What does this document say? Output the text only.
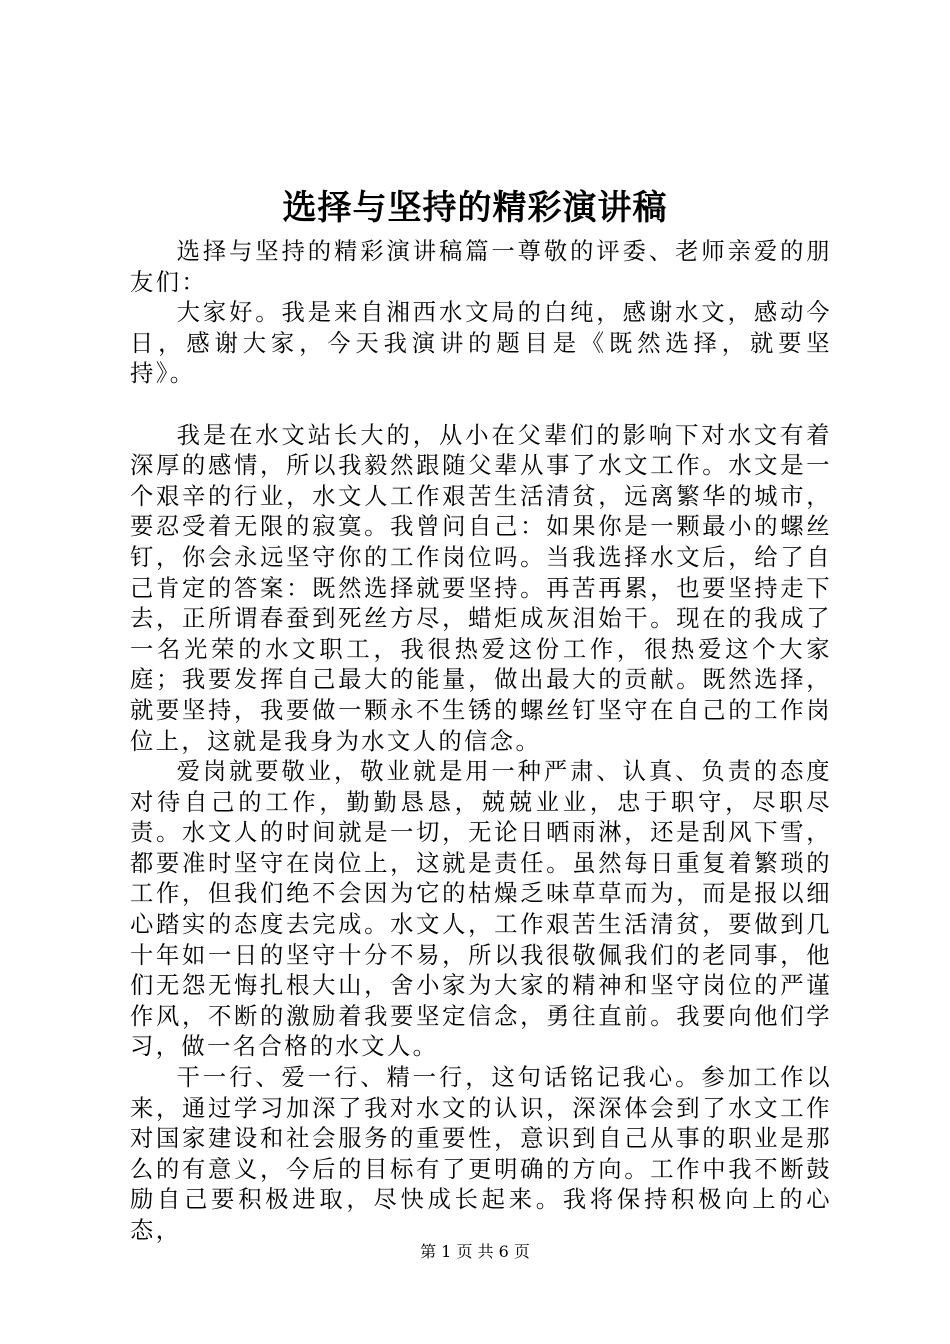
选择与坚持的精彩演讲稿

选择与坚持的精彩演讲稿篇一尊敬的评委、老师亲爱的朋友们：

大家好。我是来自湘西水文局的白纯，感谢水文，感动今日，感谢大家，今天我演讲的题目是《既然选择，就要坚持》。

我是在水文站长大的，从小在父辈们的影响下对水文有着深厚的感情，所以我毅然跟随父辈从事了水文工作。水文是一个艰辛的行业，水文人工作艰苦生活清贫，远离繁华的城市，要忍受着无限的寂寞。我曾问自己：如果你是一颗最小的螺丝钉，你会永远坚守你的工作岗位吗。当我选择水文后，给了自己肯定的答案：既然选择就要坚持。再苦再累，也要坚持走下去，正所谓春蚕到死丝方尽，蜡炬成灰泪始干。现在的我成了一名光荣的水文职工，我很热爱这份工作，很热爱这个大家庭；我要发挥自己最大的能量，做出最大的贡献。既然选择，就要坚持，我要做一颗永不生锈的螺丝钉坚守在自己的工作岗位上，这就是我身为水文人的信念。

爱岗就要敬业，敬业就是用一种严肃、认真、负责的态度对待自己的工作，勤勤恳恳，兢兢业业，忠于职守，尽职尽责。水文人的时间就是一切，无论日晒雨淋，还是刮风下雪，都要准时坚守在岗位上，这就是责任。虽然每日重复着繁琐的工作，但我们绝不会因为它的枯燥乏味草草而为，而是报以细心踏实的态度去完成。水文人，工作艰苦生活清贫，要做到几十年如一日的坚守十分不易，所以我很敬佩我们的老同事，他们无怨无悔扎根大山，舍小家为大家的精神和坚守岗位的严谨作风，不断的激励着我要坚定信念，勇往直前。我要向他们学习，做一名合格的水文人。

干一行、爱一行、精一行，这句话铭记我心。参加工作以来，通过学习加深了我对水文的认识，深深体会到了水文工作对国家建设和社会服务的重要性，意识到自己从事的职业是那么的有意义，今后的目标有了更明确的方向。工作中我不断鼓励自己要积极进取，尽快成长起来。我将保持积极向上的心态，

第 1 页 共 6 页
